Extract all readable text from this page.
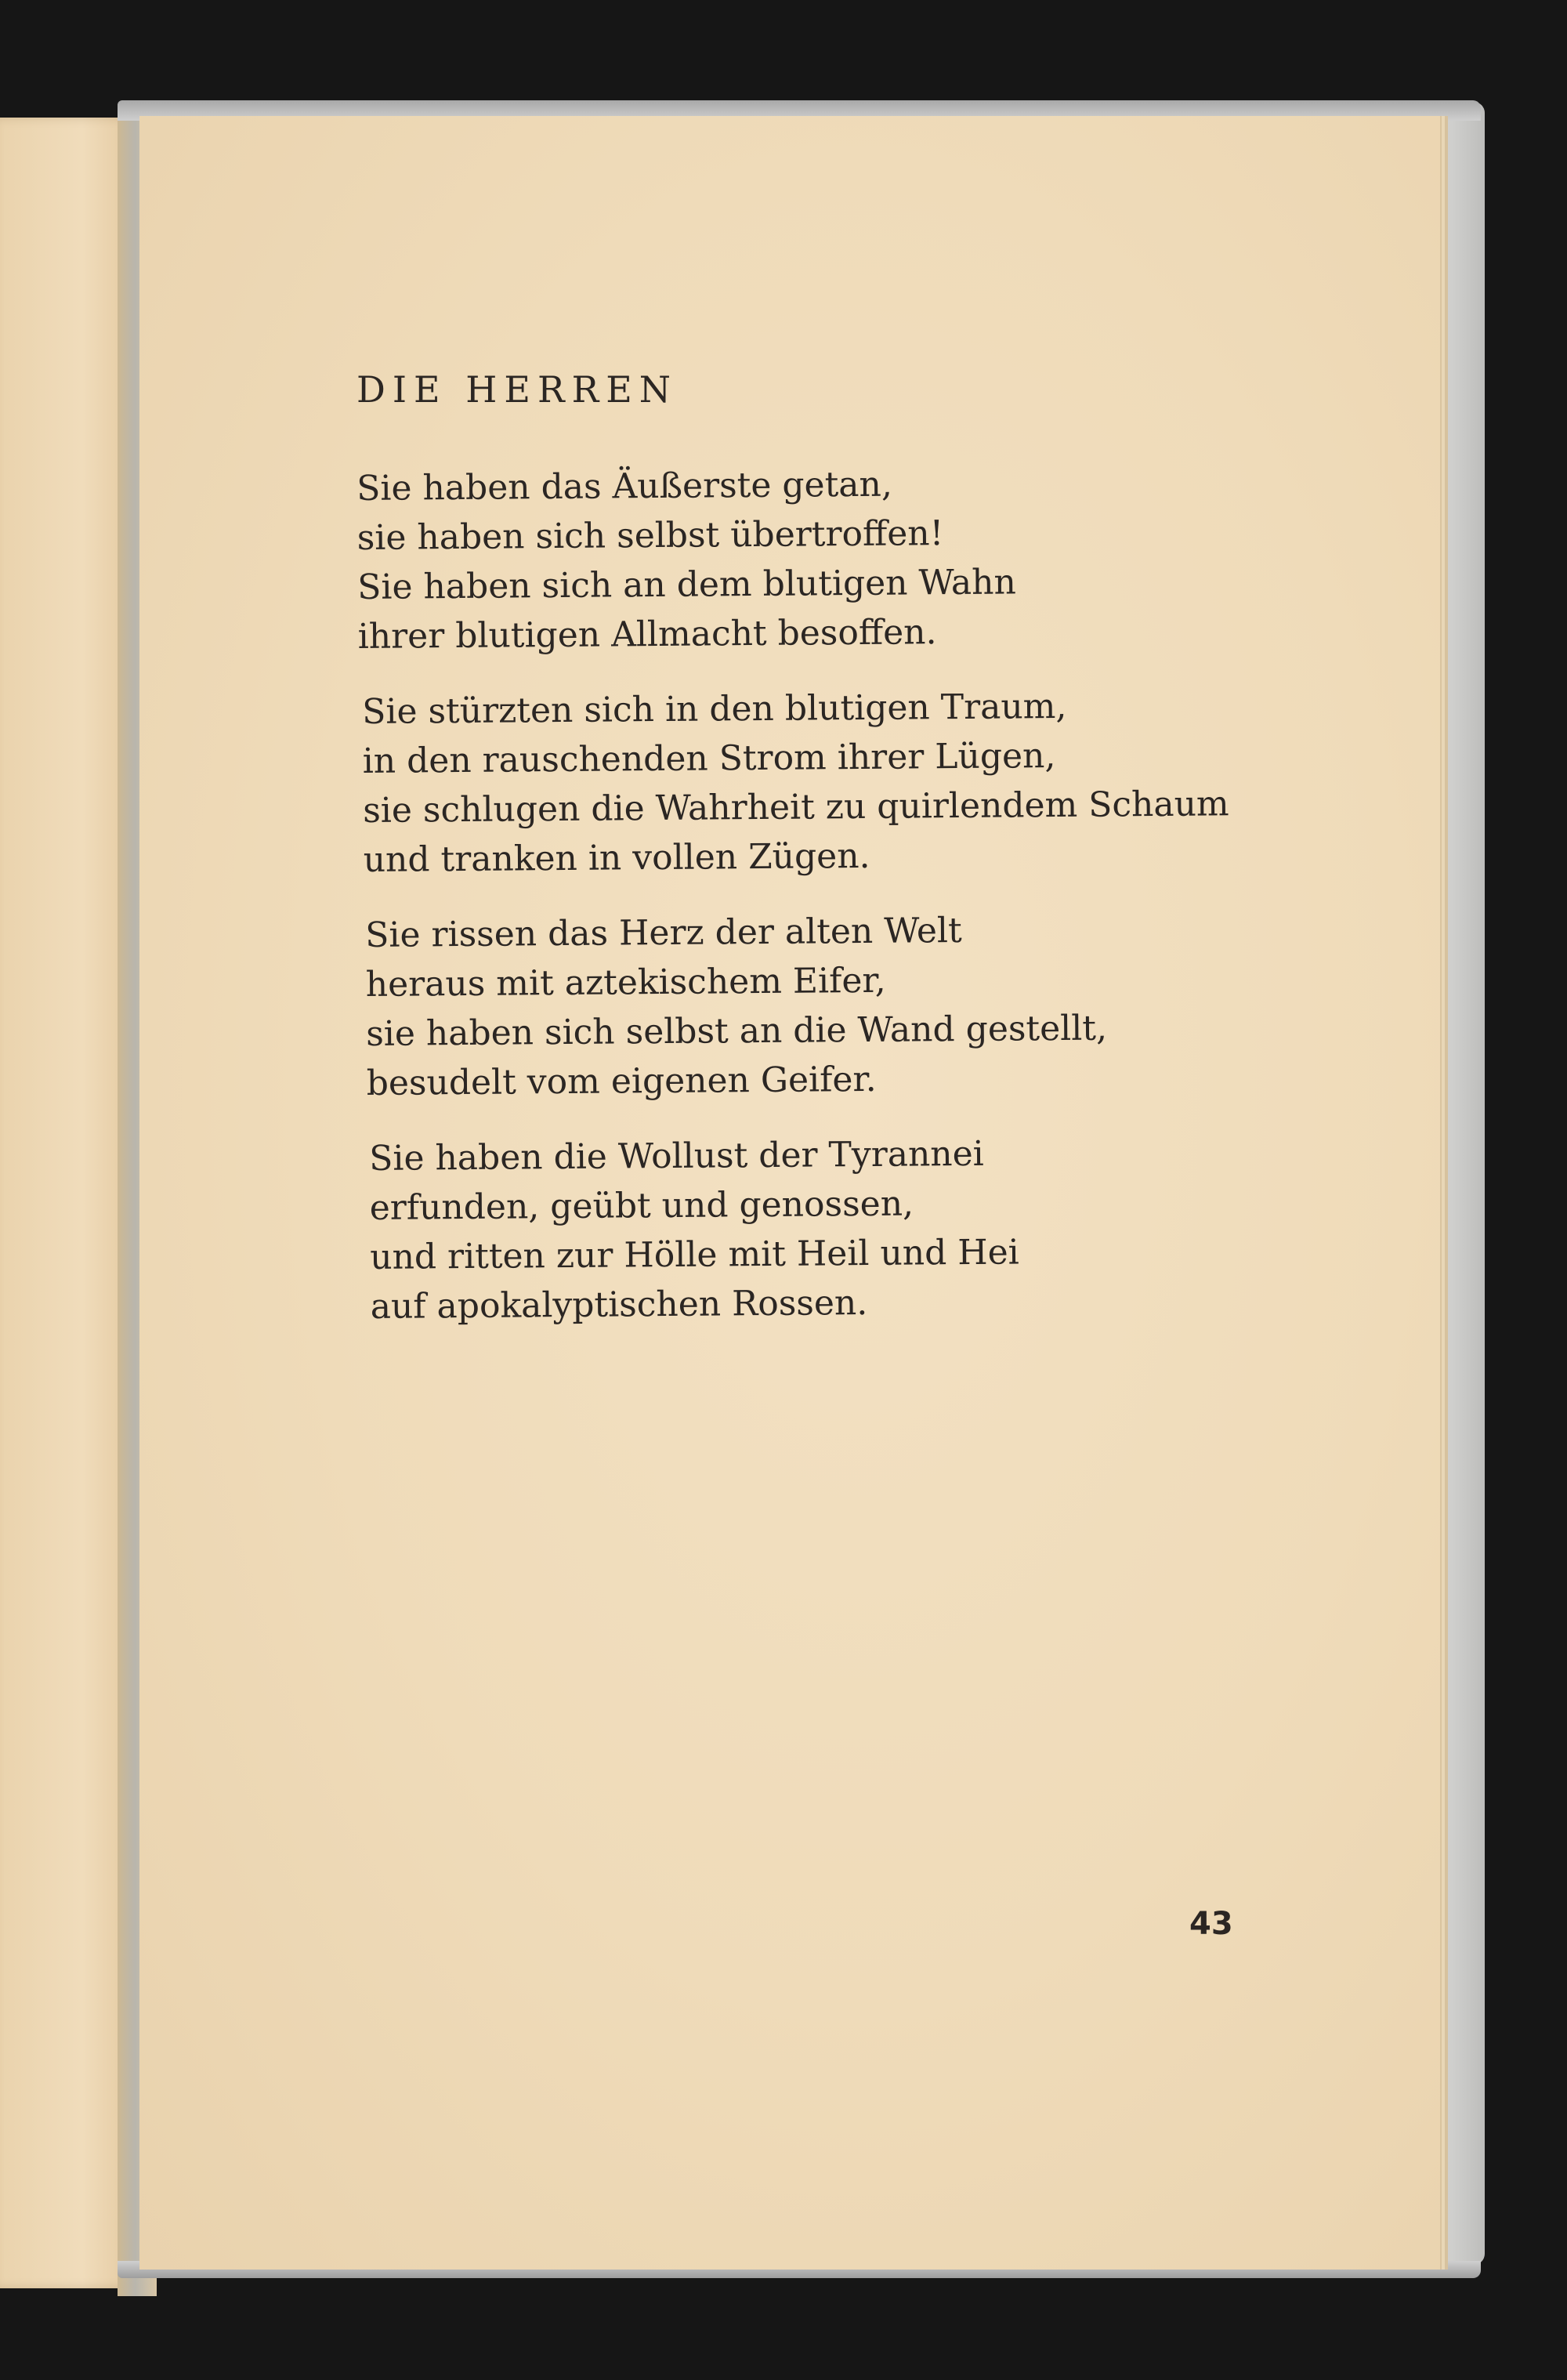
DIE HERREN
Sie haben das Äußerste getan,
sie haben sich selbst übertroffen!
Sie haben sich an dem blutigen Wahn
ihrer blutigen Allmacht besoffen.
Sie stürzten sich in den blutigen Traum,
in den rauschenden Strom ihrer Lügen,
sie schlugen die Wahrheit zu quirlendem Schaum
und tranken in vollen Zügen.
Sie rissen das Herz der alten Welt
heraus mit aztekischem Eifer,
sie haben sich selbst an die Wand gestellt,
besudelt vom eigenen Geifer.
Sie haben die Wollust der Tyrannei
erfunden, geübt und genossen,
und ritten zur Hölle mit Heil und Hei
auf apokalyptischen Rossen.
43
